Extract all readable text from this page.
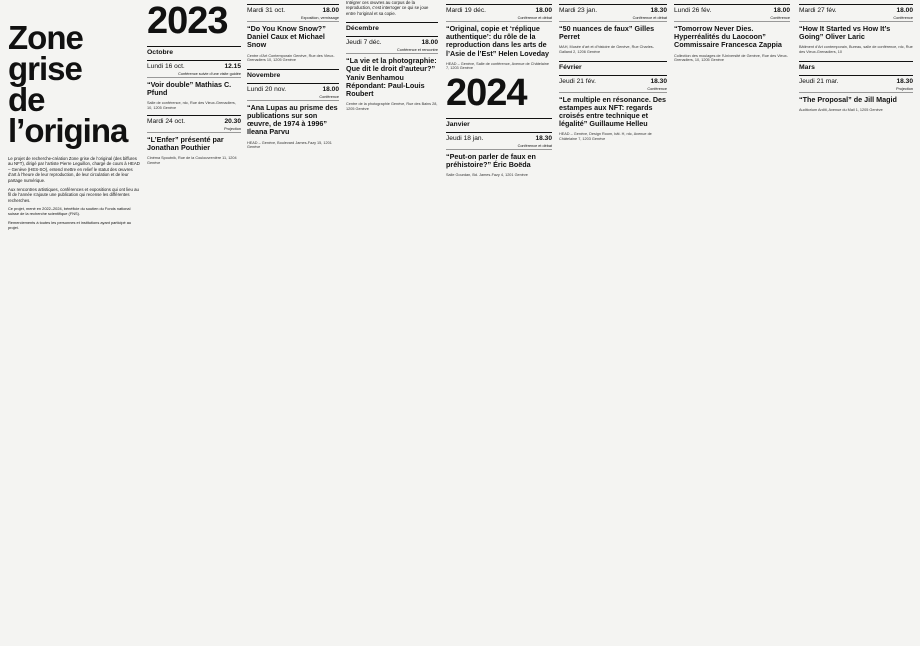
Zone grise
de l’origina

Le projet de recherche-création Zone grise de l’original (des biffures au NFT), dirigé par l’artiste Pierre Leguillon, chargé de cours à HEAD – Genève (HES-SO), entend mettre en relief le statut des œuvres d’art à l’heure de leur reproduction, de leur circulation et de leur partage numérique.

Aux rencontres artistiques, conférences et expositions qui ont lieu au fil de l’année s’ajoute une publication qui recense les différentes recherches.

Ce projet, mené en 2022–2024, bénéficie du soutien du Fonds national suisse de la recherche scientifique (FNS).

Remerciements à toutes les personnes et institutions ayant participé au projet.

2023
Octobre
Lundi 16 oct.	12.15
Conférence suivie d’une visite guidée
“Voir double” Mathias C. Pfund

Salle de conférence, rdc, Rue des Vieux-Grenadiers, 10, 1205 Genève

Mardi 24 oct.	20.30
Projection
“L’Enfer” présenté par Jonathan Pouthier

Cinéma Spoutnik, Rue de la Coulouvrenière 11, 1204 Genève

Mardi 31 oct.	18.00
Exposition, vernissage
“Do You Know Snow?” Daniel Caux et Michael Snow

Centre d’Art Contemporain Genève, Rue des Vieux-Grenadiers 10, 1205 Genève

Novembre
Lundi 20 nov.	18.00
Conférence
“Ana Lupas au prisme des publications sur son œuvre, de 1974 à 1996” Ileana Parvu

HEAD – Genève, Boulevard James-Fazy 15, 1201 Genève

Intégrer ces œuvres au corpus de la reproduction, c’est interroger ce qui se joue entre l’original et sa copie.

Décembre
Jeudi 7 déc.	18.00
Conférence et rencontre
“La vie et la photographie: Que dit le droit d’auteur?” Yaniv Benhamou Répondant: Paul-Louis Roubert

Centre de la photographie Genève, Rue des Bains 28, 1205 Genève

Mardi 19 déc.	18.00
Conférence et débat
“Original, copie et ‘réplique authentique’: du rôle de la reproduction dans les arts de l’Asie de l’Est” Helen Loveday

HEAD – Genève, Salle de conférence, Avenue de Châtelaine 7, 1203 Genève

2024
Janvier
Jeudi 18 jan.	18.30
Conférence et débat
“Peut-on parler de faux en préhistoire?” Éric Boëda

Salle Gourdan, Bd. James-Fazy 4, 1201 Genève

Mardi 23 jan.	18.30
Conférence et débat
“50 nuances de faux” Gilles Perret

MAH, Musée d’art et d’histoire de Genève, Rue Charles-Galland 2, 1206 Genève

Février
Jeudi 21 fév.	18.30
Conférence
“Le multiple en résonance. Des estampes aux NFT: regards croisés entre technique et légalité” Guillaume Helleu

HEAD – Genève, Design Room, bât. H, rdc, Avenue de Châtelaine 7, 1203 Genève

Lundi 26 fév.	18.00
Conférence
“Tomorrow Never Dies. Hyperréalités du Laocoon” Commissaire Francesca Zappia

Collection des moulages de l’Université de Genève, Rue des Vieux-Grenadiers, 10, 1205 Genève

Mardi 27 fév.	18.00
Conférence
“How It Started vs How It’s Going” Oliver Laric

Bâtiment d’Art contemporain, Bureau, salle de conférence, rdc, Rue des Vieux-Grenadiers, 10

Mars
Jeudi 21 mar.	18.30
Projection
“The Proposal” de Jill Magid

Auditorium Arditi, Avenue du Mail 1, 1205 Genève
